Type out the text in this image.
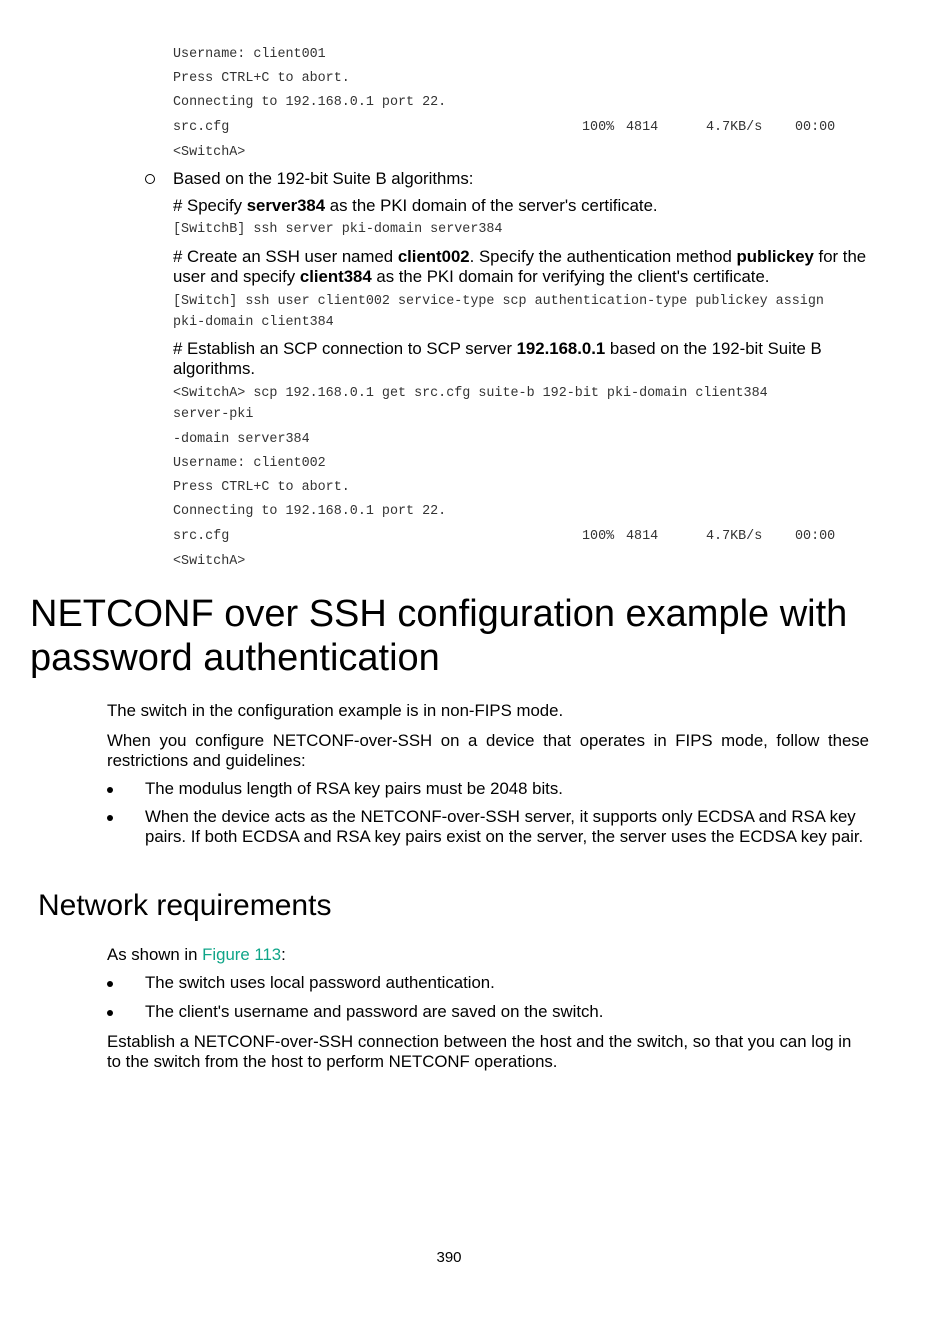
Username: client001
Press CTRL+C to abort.
Connecting to 192.168.0.1 port 22.
src.cfg	100% 4814	4.7KB/s 00:00
<SwitchA>
Based on the 192-bit Suite B algorithms:
# Specify server384 as the PKI domain of the server's certificate.
[SwitchB] ssh server pki-domain server384
# Create an SSH user named client002. Specify the authentication method publickey for the user and specify client384 as the PKI domain for verifying the client's certificate.
[Switch] ssh user client002 service-type scp authentication-type publickey assign
pki-domain client384
# Establish an SCP connection to SCP server 192.168.0.1 based on the 192-bit Suite B algorithms.
<SwitchA> scp 192.168.0.1 get src.cfg suite-b 192-bit pki-domain client384
server-pki
-domain server384
Username: client002
Press CTRL+C to abort.
Connecting to 192.168.0.1 port 22.
src.cfg	100% 4814	4.7KB/s 00:00
<SwitchA>
NETCONF over SSH configuration example with password authentication
The switch in the configuration example is in non-FIPS mode.
When you configure NETCONF-over-SSH on a device that operates in FIPS mode, follow these restrictions and guidelines:
The modulus length of RSA key pairs must be 2048 bits.
When the device acts as the NETCONF-over-SSH server, it supports only ECDSA and RSA key pairs. If both ECDSA and RSA key pairs exist on the server, the server uses the ECDSA key pair.
Network requirements
As shown in Figure 113:
The switch uses local password authentication.
The client's username and password are saved on the switch.
Establish a NETCONF-over-SSH connection between the host and the switch, so that you can log in to the switch from the host to perform NETCONF operations.
390
